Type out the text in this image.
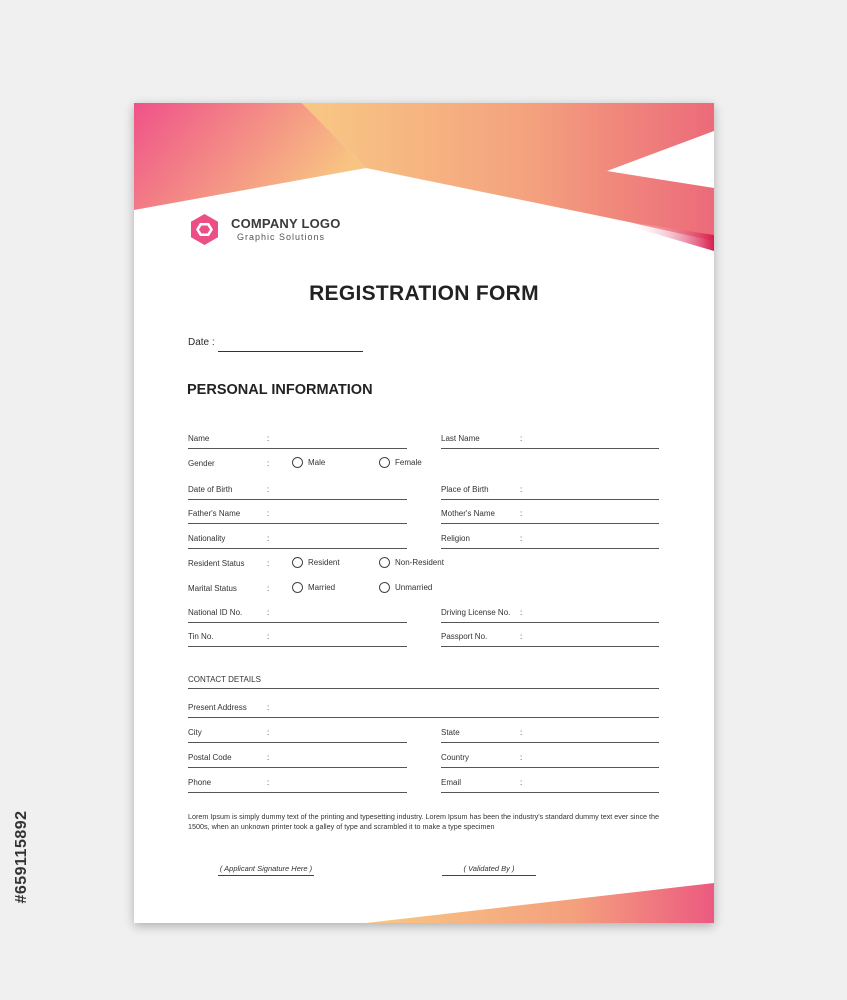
COMPANY LOGO
Graphic Solutions
REGISTRATION FORM
Date :
PERSONAL INFORMATION
Name	:	Last Name	:
Gender	:	Male	Female
Date of Birth	:	Place of Birth	:
Father's Name	:	Mother's Name	:
Nationality	:	Religion	:
Resident Status	:	Resident	Non-Resident
Marital Status	:	Married	Unmarried
National ID No.	:	Driving License No. :
Tin No.	:	Passport No.	:
CONTACT DETAILS
Present Address	:
City	:	State	:
Postal Code	:	Country	:
Phone	:	Email	:
Lorem Ipsum is simply dummy text of the printing and typesetting industry. Lorem Ipsum has been the industry's standard dummy text ever since the 1500s, when an unknown printer took a galley of type and scrambled it to make a type specimen
( Applicant Signature Here )	( Validated By )
#659115892
